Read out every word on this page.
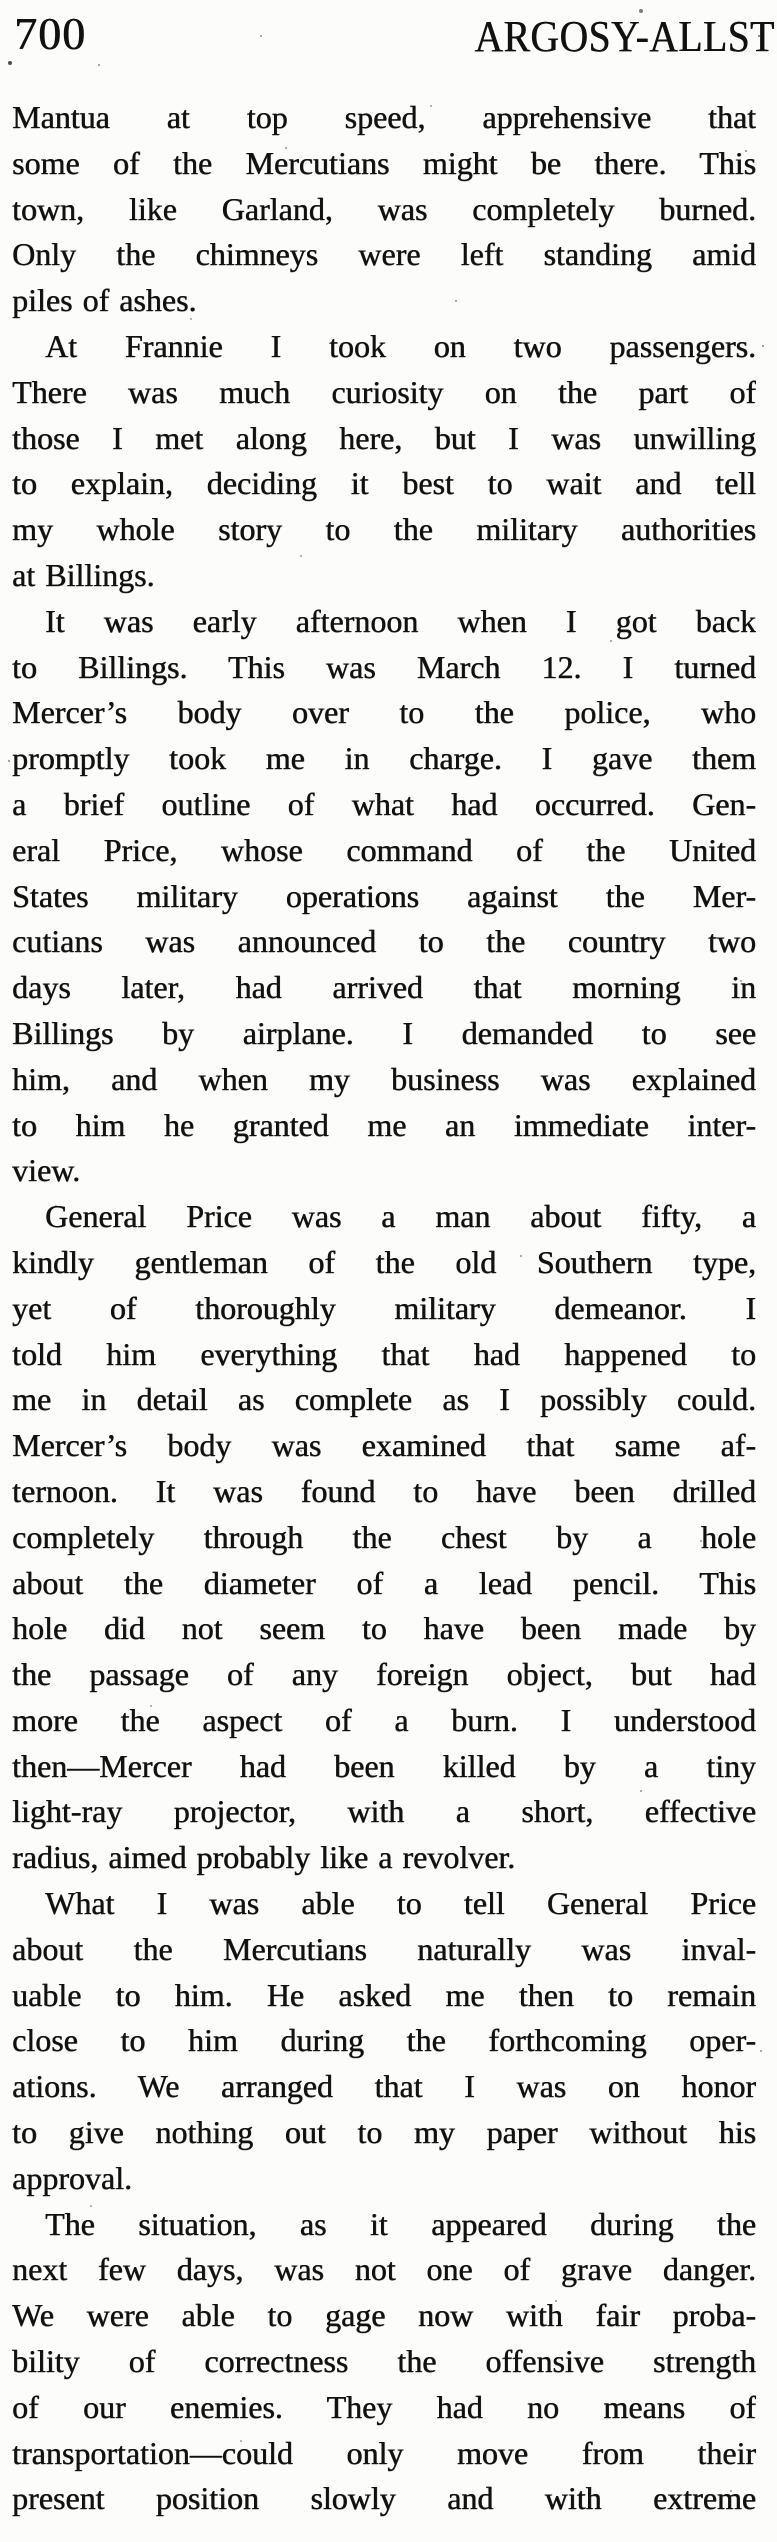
700	ARGOSY-ALLST
Mantua at top speed, apprehensive that
some of the Mercutians might be there. This
town, like Garland, was completely burned.
Only the chimneys were left standing amid
piles of ashes.
At Frannie I took on two passengers.
There was much curiosity on the part of
those I met along here, but I was unwilling
to explain, deciding it best to wait and tell
my whole story to the military authorities
at Billings.
It was early afternoon when I got back
to Billings. This was March 12. I turned
Mercer’s body over to the police, who
promptly took me in charge. I gave them
a brief outline of what had occurred. Gen-
eral Price, whose command of the United
States military operations against the Mer-
cutians was announced to the country two
days later, had arrived that morning in
Billings by airplane. I demanded to see
him, and when my business was explained
to him he granted me an immediate inter-
view.
General Price was a man about fifty, a
kindly gentleman of the old Southern type,
yet of thoroughly military demeanor. I
told him everything that had happened to
me in detail as complete as I possibly could.
Mercer’s body was examined that same af-
ternoon. It was found to have been drilled
completely through the chest by a hole
about the diameter of a lead pencil. This
hole did not seem to have been made by
the passage of any foreign object, but had
more the aspect of a burn. I understood
then—Mercer had been killed by a tiny
light-ray projector, with a short, effective
radius, aimed probably like a revolver.
What I was able to tell General Price
about the Mercutians naturally was inval-
uable to him. He asked me then to remain
close to him during the forthcoming oper-
ations. We arranged that I was on honor
to give nothing out to my paper without his
approval.
The situation, as it appeared during the
next few days, was not one of grave danger.
We were able to gage now with fair proba-
bility of correctness the offensive strength
of our enemies. They had no means of
transportation—could only move from their
present position slowly and with extreme
